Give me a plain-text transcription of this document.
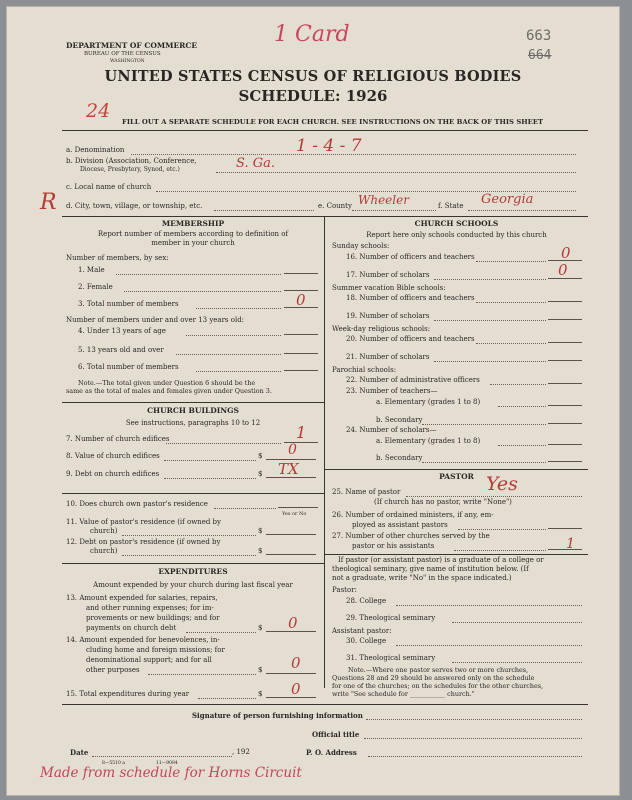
DEPARTMENT OF COMMERCE
BUREAU OF THE CENSUS
WASHINGTON
1 Card	663
664
UNITED STATES CENSUS OF RELIGIOUS BODIES
SCHEDULE: 1926
24 FILL OUT A SEPARATE SCHEDULE FOR EACH CHURCH. SEE INSTRUCTIONS ON THE BACK OF THIS SHEET
a. Denomination	1 - 4 - 7
b. Division (Association, Conference,
Diocese, Presbytery, Synod, etc.)	S. Ga.
c. Local name of church
R d. City, town, village, or township, etc.	e. County Wheeler	f. State Georgia
MEMBERSHIP
Report number of members according to definition of
member in your church
Number of members, by sex:
1. Male
2. Female
3. Total number of members	0
Number of members under and over 13 years old:
4. Under 13 years of age
5. 13 years old and over
6. Total number of members
Note.—The total given under Question 6 should be the
same as the total of males and females given under Question 3.
CHURCH BUILDINGS
See instructions, paragraphs 10 to 12
7. Number of church edifices	1
8. Value of church edifices	$ 0
9. Debt on church edifices	$ TX
10. Does church own pastor's residence
Yes or No
11. Value of pastor's residence (if owned by
church)	$
12. Debt on pastor's residence (if owned by
church)	$
EXPENDITURES
Amount expended by your church during last fiscal year
13. Amount expended for salaries, repairs,
and other running expenses; for im-
provements or new buildings; and for
payments on church debt	$ 0
14. Amount expended for benevolences, in-
cluding home and foreign missions; for
denominational support; and for all
other purposes	$ 0
15. Total expenditures during year	$ 0
CHURCH SCHOOLS
Report here only schools conducted by this church
Sunday schools:
16. Number of officers and teachers	0
17. Number of scholars	0
Summer vacation Bible schools:
18. Number of officers and teachers
19. Number of scholars
Week-day religious schools:
20. Number of officers and teachers
21. Number of scholars
Parochial schools:
22. Number of administrative officers
23. Number of teachers—
a. Elementary (grades 1 to 8)
b. Secondary
24. Number of scholars—
a. Elementary (grades 1 to 8)
b. Secondary
PASTOR
25. Name of pastor	Yes
(If church has no pastor, write "None")
26. Number of ordained ministers, if any, em-
ployed as assistant pastors
27. Number of other churches served by the
pastor or his assistants	1
If pastor (or assistant pastor) is a graduate of a college or
theological seminary, give name of institution below. (If
not a graduate, write "No" in the space indicated.)
Pastor:
28. College
29. Theological seminary
Assistant pastor:
30. College
31. Theological seminary
Note.—Where one pastor serves two or more churches,
Questions 28 and 29 should be answered only on the schedule
for one of the churches; on the schedules for the other churches,
write "See schedule for ___________ church."
Signature of person furnishing information
Official title
Date	, 192	P. O. Address
8—5510 a	11—9084
Made from schedule for Horns Circuit
